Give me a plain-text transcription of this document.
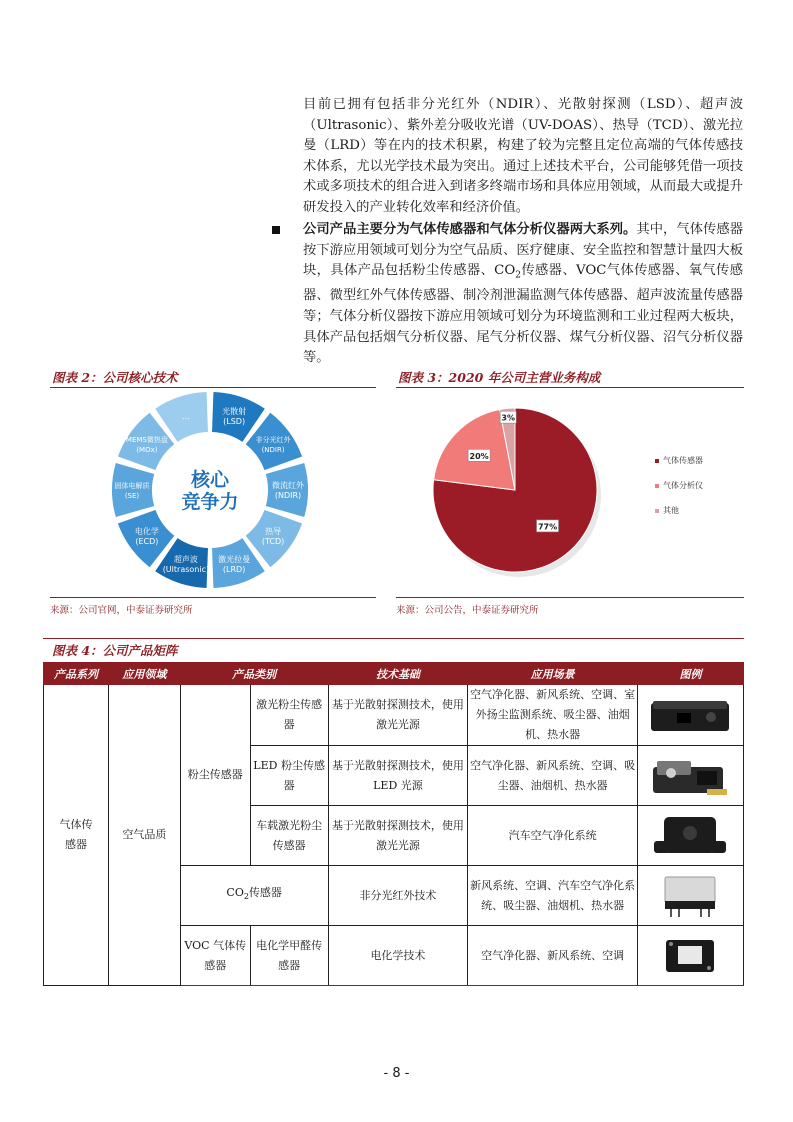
目前已拥有包括非分光红外（NDIR）、光散射探测（LSD）、超声波（Ultrasonic）、紫外差分吸收光谱（UV-DOAS）、热导（TCD）、激光拉曼（LRD）等在内的技术积累，构建了较为完整且定位高端的气体传感技术体系，尤以光学技术最为突出。通过上述技术平台，公司能够凭借一项技术或多项技术的组合进入到诸多终端市场和具体应用领域，从而最大或提升研发投入的产业转化效率和经济价值。
公司产品主要分为气体传感器和气体分析仪器两大系列。其中，气体传感器按下游应用领域可划分为空气品质、医疗健康、安全监控和智慧计量四大板块，具体产品包括粉尘传感器、$CO_2$传感器、VOC气体传感器、氧气传感器、微型红外气体传感器、制冷剂泄漏监测气体传感器、超声波流量传感器等；气体分析仪器按下游应用领域可划分为环境监测和工业过程两大板块，具体产品包括烟气分析仪器、尾气分析仪器、煤气分析仪器、沼气分析仪器等。
图表 2：公司核心技术
光散射
(LSD)
非分光红外
(NDIR)
微流红外
(NDIR)
热导
(TCD)
激光拉曼
(LRD)
超声波
(Ultrasonic)
电化学
(ECD)
固体电解质
(SE)
MEMS微热盘
(MOx)
…
核心
竞争力
来源：公司官网，中泰证券研究所
图表 3：2020 年公司主营业务构成
77%
20%
3%
气体传感器
气体分析仪
其他
来源：公司公告，中泰证券研究所
图表 4：公司产品矩阵
产品系列	应用领域	产品类别		技术基础	应用场景	图例
气体传感器	空气品质	粉尘传感器	激光粉尘传感器	基于光散射探测技术，使用激光光源	空气净化器、新风系统、空调、室外扬尘监测系统、吸尘器、油烟机、热水器	

			LED 粉尘传感器	基于光散射探测技术，使用 LED 光源	空气净化器、新风系统、空调、吸尘器、油烟机、热水器	

			车载激光粉尘传感器	基于光散射探测技术，使用激光光源	汽车空气净化系统	

		$CO_2$传感器		非分光红外技术	新风系统、空调、汽车空气净化系统、吸尘器、油烟机、热水器	

		VOC 气体传感器	电化学甲醛传感器	电化学技术	空气净化器、新风系统、空调	
- 8 -
